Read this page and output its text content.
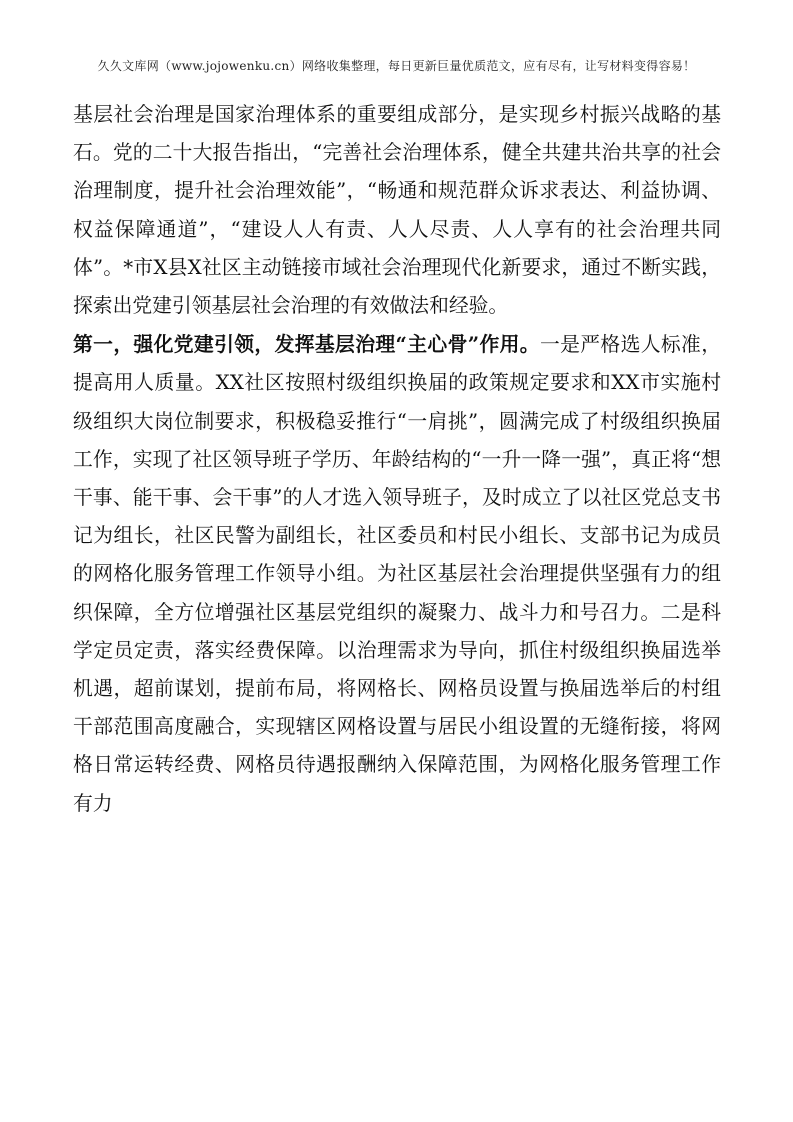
久久文库网（www.jojowenku.cn）网络收集整理，每日更新巨量优质范文，应有尽有，让写材料变得容易！

基层社会治理是国家治理体系的重要组成部分，是实现乡村振兴战略的基石。党的二十大报告指出，“完善社会治理体系，健全共建共治共享的社会治理制度，提升社会治理效能”，“畅通和规范群众诉求表达、利益协调、权益保障通道”，“建设人人有责、人人尽责、人人享有的社会治理共同体”。*市X县X社区主动链接市域社会治理现代化新要求，通过不断实践，探索出党建引领基层社会治理的有效做法和经验。

第一，强化党建引领，发挥基层治理“主心骨”作用。一是严格选人标准，提高用人质量。XX社区按照村级组织换届的政策规定要求和XX市实施村级组织大岗位制要求，积极稳妥推行“一肩挑”，圆满完成了村级组织换届工作，实现了社区领导班子学历、年龄结构的“一升一降一强”，真正将“想干事、能干事、会干事”的人才选入领导班子，及时成立了以社区党总支书记为组长，社区民警为副组长，社区委员和村民小组长、支部书记为成员的网格化服务管理工作领导小组。为社区基层社会治理提供坚强有力的组织保障，全方位增强社区基层党组织的凝聚力、战斗力和号召力。二是科学定员定责，落实经费保障。以治理需求为导向，抓住村级组织换届选举机遇，超前谋划，提前布局，将网格长、网格员设置与换届选举后的村组干部范围高度融合，实现辖区网格设置与居民小组设置的无缝衔接，将网格日常运转经费、网格员待遇报酬纳入保障范围，为网格化服务管理工作有力
